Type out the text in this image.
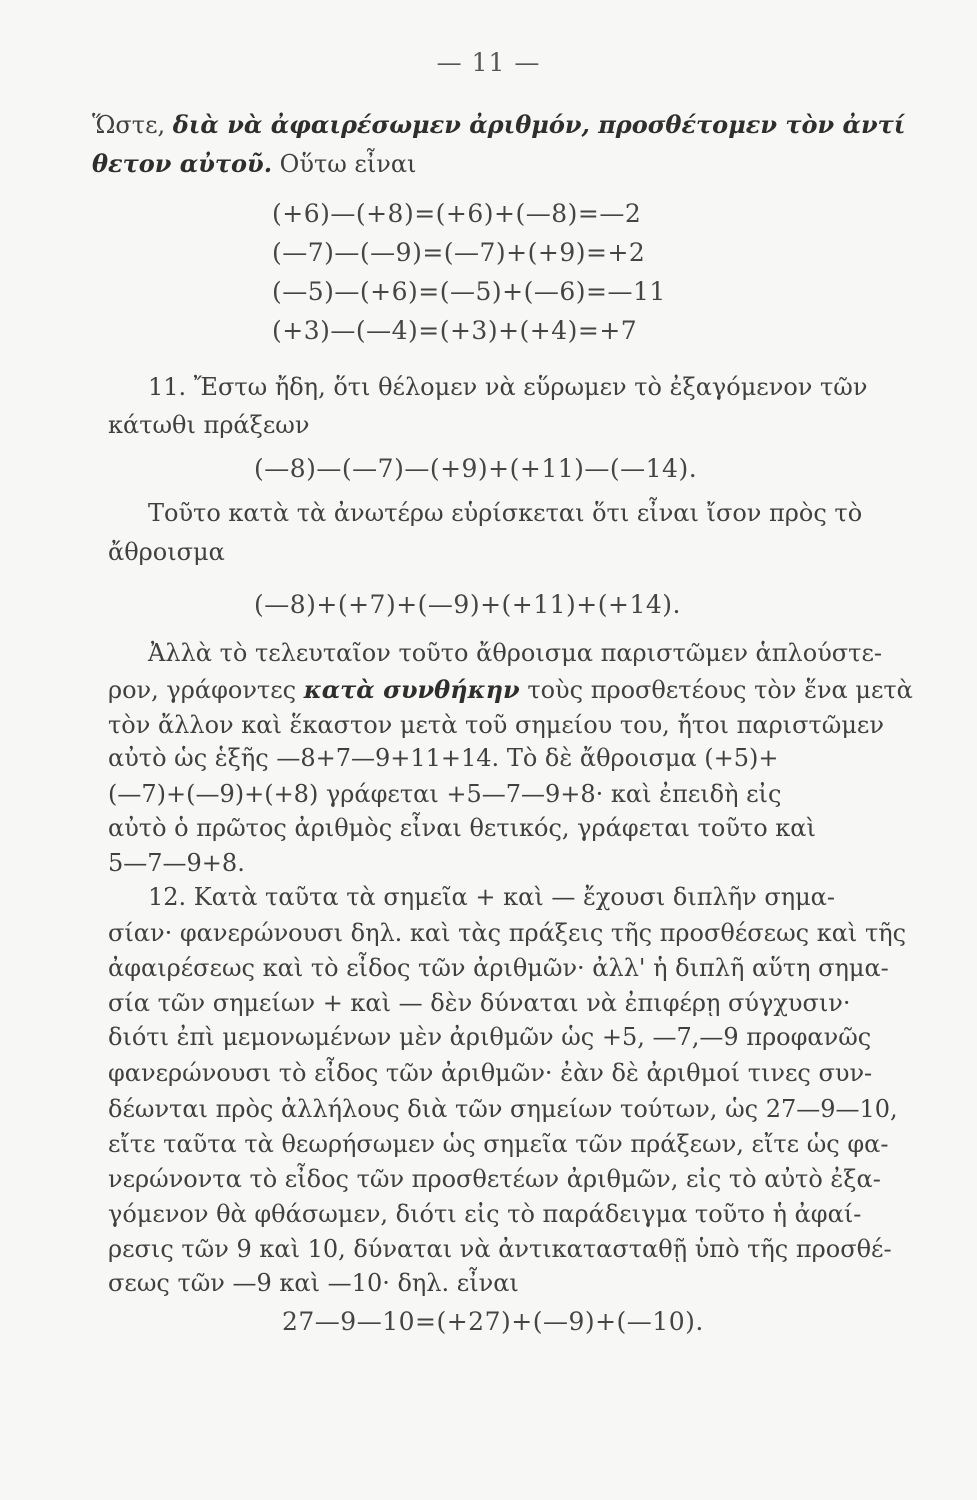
— 11 —
Ὥστε, διὰ νὰ ἀφαιρέσωμεν ἀριθμόν, προσθέτομεν τὸν ἀντί
θετον αὐτοῦ. Οὕτω εἶναι
(+6)—(+8)=(+6)+(—8)=—2
(—7)—(—9)=(—7)+(+9)=+2
(—5)—(+6)=(—5)+(—6)=—11
(+3)—(—4)=(+3)+(+4)=+7
11. Ἔστω ἤδη, ὅτι θέλομεν νὰ εὕρωμεν τὸ ἐξαγόμενον τῶν
κάτωθι πράξεων
(—8)—(—7)—(+9)+(+11)—(—14).
Τοῦτο κατὰ τὰ ἀνωτέρω εὑρίσκεται ὅτι εἶναι ἴσον πρὸς τὸ
ἄθροισμα
(—8)+(+7)+(—9)+(+11)+(+14).
Ἀλλὰ τὸ τελευταῖον τοῦτο ἄθροισμα παριστῶμεν ἁπλούστε-
ρον, γράφοντες κατὰ συνθήκην τοὺς προσθετέους τὸν ἕνα μετὰ
τὸν ἄλλον καὶ ἕκαστον μετὰ τοῦ σημείου του, ἤτοι παριστῶμεν
αὐτὸ ὡς ἑξῆς —8+7—9+11+14. Τὸ δὲ ἄθροισμα (+5)+
(—7)+(—9)+(+8) γράφεται +5—7—9+8· καὶ ἐπειδὴ εἰς
αὐτὸ ὁ πρῶτος ἀριθμὸς εἶναι θετικός, γράφεται τοῦτο καὶ
5—7—9+8.
12. Κατὰ ταῦτα τὰ σημεῖα + καὶ — ἔχουσι διπλῆν σημα-
σίαν· φανερώνουσι δηλ. καὶ τὰς πράξεις τῆς προσθέσεως καὶ τῆς
ἀφαιρέσεως καὶ τὸ εἶδος τῶν ἀριθμῶν· ἀλλ' ἡ διπλῆ αὕτη σημα-
σία τῶν σημείων + καὶ — δὲν δύναται νὰ ἐπιφέρῃ σύγχυσιν·
διότι ἐπὶ μεμονωμένων μὲν ἀριθμῶν ὡς +5, —7,—9 προφανῶς
φανερώνουσι τὸ εἶδος τῶν ἀριθμῶν· ἐὰν δὲ ἀριθμοί τινες συν-
δέωνται πρὸς ἀλλήλους διὰ τῶν σημείων τούτων, ὡς 27—9—10,
εἴτε ταῦτα τὰ θεωρήσωμεν ὡς σημεῖα τῶν πράξεων, εἴτε ὡς φα-
νερώνοντα τὸ εἶδος τῶν προσθετέων ἀριθμῶν, εἰς τὸ αὐτὸ ἐξα-
γόμενον θὰ φθάσωμεν, διότι εἰς τὸ παράδειγμα τοῦτο ἡ ἀφαί-
ρεσις τῶν 9 καὶ 10, δύναται νὰ ἀντικατασταθῇ ὑπὸ τῆς προσθέ-
σεως τῶν —9 καὶ —10· δηλ. εἶναι
27—9—10=(+27)+(—9)+(—10).
